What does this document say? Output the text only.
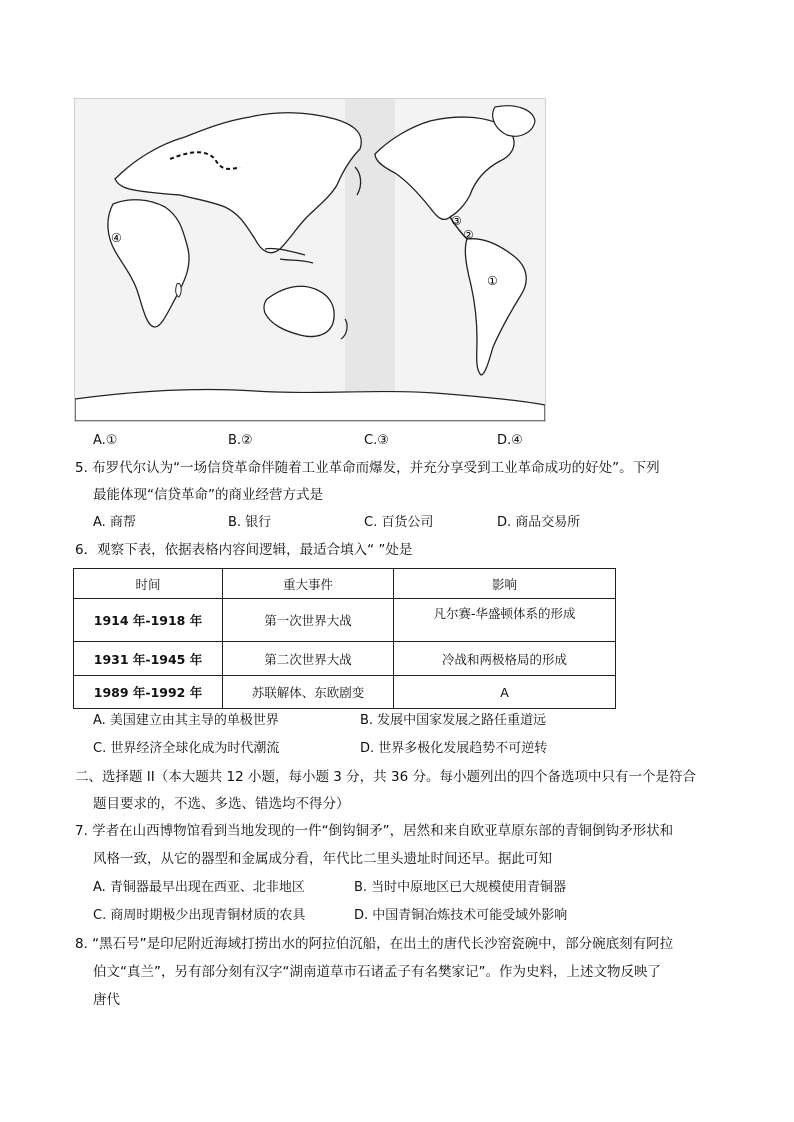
④
③
②
①
A.①	B.②	C.③	D.④
5. 布罗代尔认为“一场信贷革命伴随着工业革命而爆发，并充分享受到工业革命成功的好处”。下列
最能体现“信贷革命”的商业经营方式是
A. 商帮	B. 银行	C. 百货公司	D. 商品交易所
6．观察下表，依据表格内容间逻辑，最适合填入“ ”处是
时间	重大事件	影响
1914 年-1918 年	第一次世界大战	凡尔赛-华盛顿体系的形成
1931 年-1945 年	第二次世界大战	冷战和两极格局的形成
1989 年-1992 年	苏联解体、东欧剧变	A
A. 美国建立由其主导的单极世界	B. 发展中国家发展之路任重道远
C. 世界经济全球化成为时代潮流	D. 世界多极化发展趋势不可逆转
二、选择题 II（本大题共 12 小题，每小题 3 分，共 36 分。每小题列出的四个备选项中只有一个是符合
题目要求的，不选、多选、错选均不得分）
7. 学者在山西博物馆看到当地发现的一件“倒钩铜矛”，居然和来自欧亚草原东部的青铜倒钩矛形状和
风格一致，从它的器型和金属成分看，年代比二里头遗址时间还早。据此可知
A. 青铜器最早出现在西亚、北非地区	B. 当时中原地区已大规模使用青铜器
C. 商周时期极少出现青铜材质的农具	D. 中国青铜冶炼技术可能受域外影响
8. “黑石号”是印尼附近海域打捞出水的阿拉伯沉船，在出土的唐代长沙窑瓷碗中，部分碗底刻有阿拉
伯文“真兰”，另有部分刻有汉字“湖南道草市石诸孟子有名樊家记”。作为史料，上述文物反映了
唐代
